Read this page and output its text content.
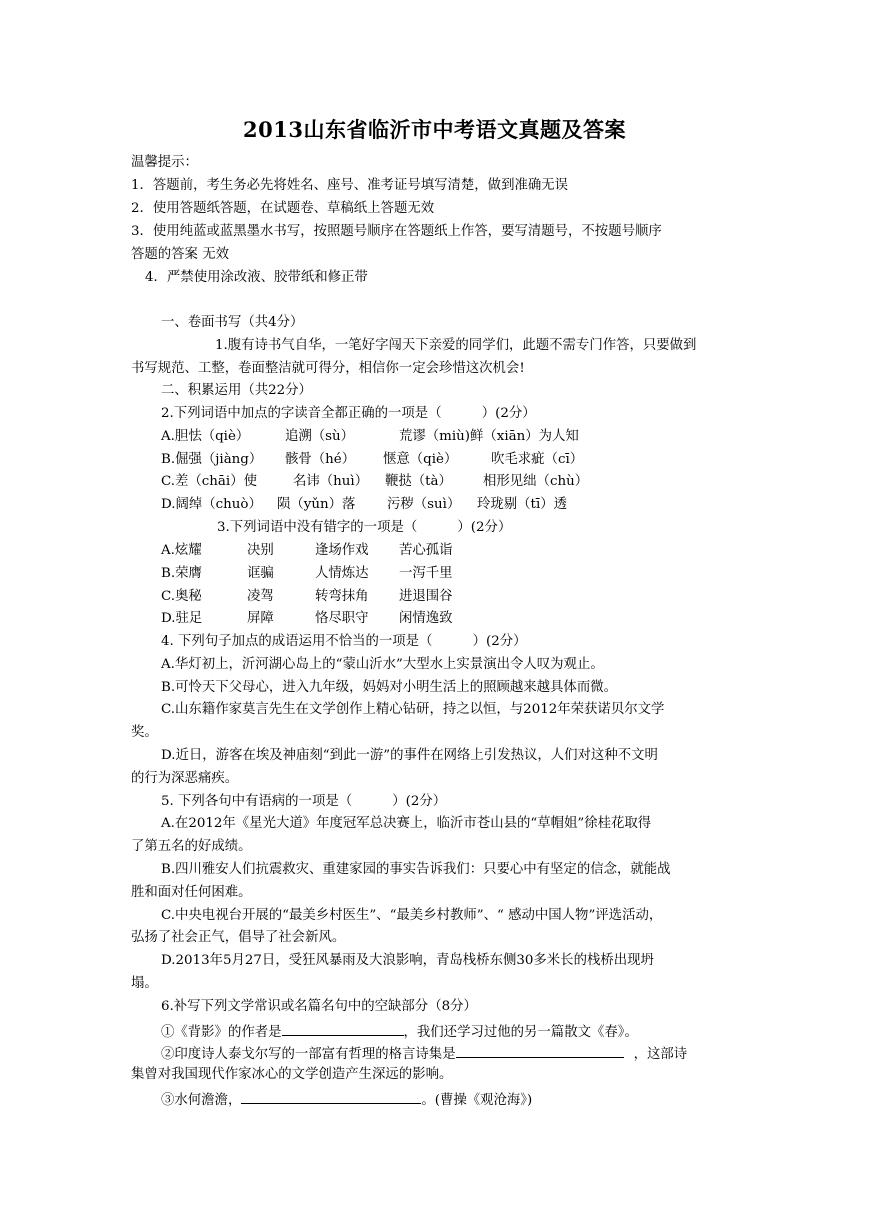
2013山东省临沂市中考语文真题及答案
温馨提示：
1．答题前，考生务必先将姓名、座号、准考证号填写清楚，做到准确无误
2．使用答题纸答题，在试题卷、草稿纸上答题无效
3．使用纯蓝或蓝黑墨水书写，按照题号顺序在答题纸上作答，要写清题号，不按题号顺序
答题的答案 无效
4．严禁使用涂改液、胶带纸和修正带
一、卷面书写（共4分）
1.腹有诗书气自华，一笔好字闯天下亲爱的同学们，此题不需专门作答，只要做到
书写规范、工整，卷面整洁就可得分，相信你一定会珍惜这次机会!
二、积累运用（共22分）
2.下列词语中加点的字读音全都正确的一项是（　　　）(2分）
A.胆怯（qiè）	追溯（sù）	荒谬（miù)鲜（xiān）为人知
B.倔强（jiàng） 骸骨（hé） 惬意（qiè）	吹毛求疵（cī）
C.差（chāi）使	名讳（huì） 鞭挞（tà） 相形见绌（chù）
D.阔绰（chuò） 陨（yǔn）落 污秽（suì） 玲珑剔（tī）透
3.下列词语中没有错字的一项是（　　　）(2分）
A.炫耀	决别	逢场作戏 苦心孤诣
B.荣膺	诓骗	人情炼达 一泻千里
C.奥秘	凌驾	转弯抹角 进退围谷
D.驻足	屏障	恪尽职守 闲情逸致
4. 下列句子加点的成语运用不恰当的一项是（　　　）(2分）
A.华灯初上，沂河湖心岛上的“蒙山沂水”大型水上实景演出令人叹为观止。
B.可怜天下父母心，进入九年级，妈妈对小明生活上的照顾越来越具体而微。
C.山东籍作家莫言先生在文学创作上精心钻研，持之以恒，与2012年荣获诺贝尔文学
奖。
D.近日，游客在埃及神庙刻“到此一游”的事件在网络上引发热议，人们对这种不文明
的行为深恶痛疾。
5. 下列各句中有语病的一项是（　　　）(2分）
A.在2012年《星光大道》年度冠军总决赛上，临沂市苍山县的“草帽姐”徐桂花取得
了第五名的好成绩。
B.四川雅安人们抗震救灾、重建家园的事实告诉我们：只要心中有坚定的信念，就能战
胜和面对任何困难。
C.中央电视台开展的“最美乡村医生”、“最美乡村教师”、“ 感动中国人物”评选活动，
弘扬了社会正气，倡导了社会新风。
D.2013年5月27日，受狂风暴雨及大浪影响，青岛栈桥东侧30多米长的栈桥出现坍
塌。
6.补写下列文学常识或名篇名句中的空缺部分（8分）
①《背影》的作者是	，我们还学习过他的另一篇散文《春》。
②印度诗人泰戈尔写的一部富有哲理的格言诗集是	，这部诗
集曾对我国现代作家冰心的文学创造产生深远的影响。
③水何澹澹，	。(曹操《观沧海》)
